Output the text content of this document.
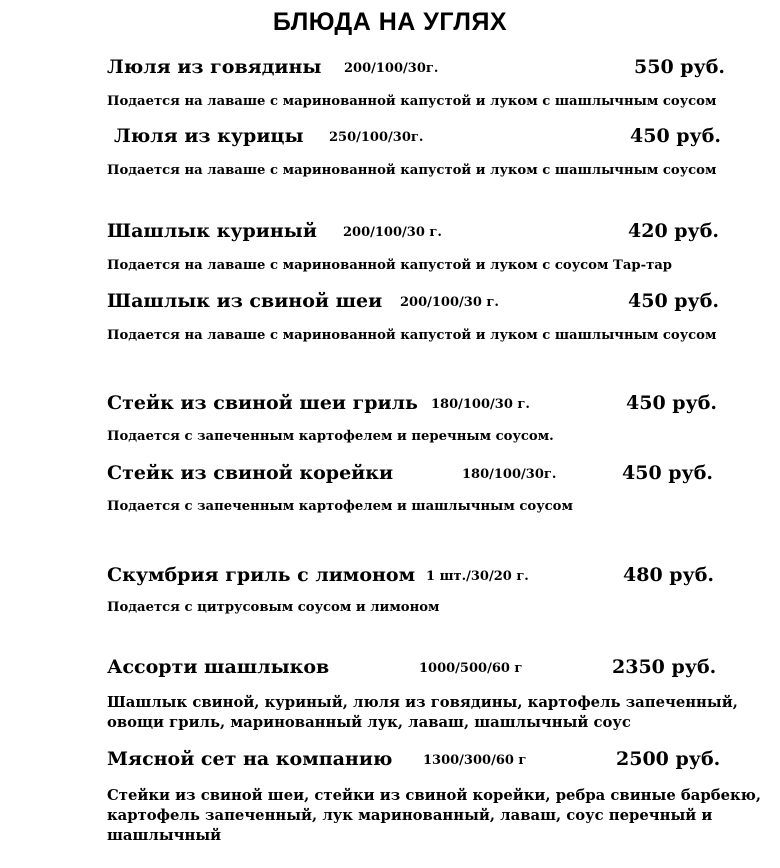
БЛЮДА НА УГЛЯХ
Люля из говядины 200/100/30г.	550 руб.
Подается на лаваше с маринованной капустой и луком с шашлычным соусом
Люля из курицы 250/100/30г.	450 руб.
Подается на лаваше с маринованной капустой и луком с шашлычным соусом
Шашлык куриный 200/100/30 г.	420 руб.
Подается на лаваше с маринованной капустой и луком с соусом Тар-тар
Шашлык из свиной шеи 200/100/30 г.	450 руб.
Подается на лаваше с маринованной капустой и луком с шашлычным соусом
Стейк из свиной шеи гриль 180/100/30 г.	450 руб.
Подается с запеченным картофелем и перечным соусом.
Стейк из свиной корейки	180/100/30г.	450 руб.
Подается с запеченным картофелем и шашлычным соусом
Скумбрия гриль с лимоном 1 шт./30/20 г.	480 руб.
Подается с цитрусовым соусом и лимоном
Ассорти шашлыков	1000/500/60 г	2350 руб.
Шашлык свиной, куриный, люля из говядины, картофель запеченный,
овощи гриль, маринованный лук, лаваш, шашлычный соус
Мясной сет на компанию 1300/300/60 г	2500 руб.
Стейки из свиной шеи, стейки из свиной корейки, ребра свиные барбекю,
картофель запеченный, лук маринованный, лаваш, соус перечный и
шашлычный
